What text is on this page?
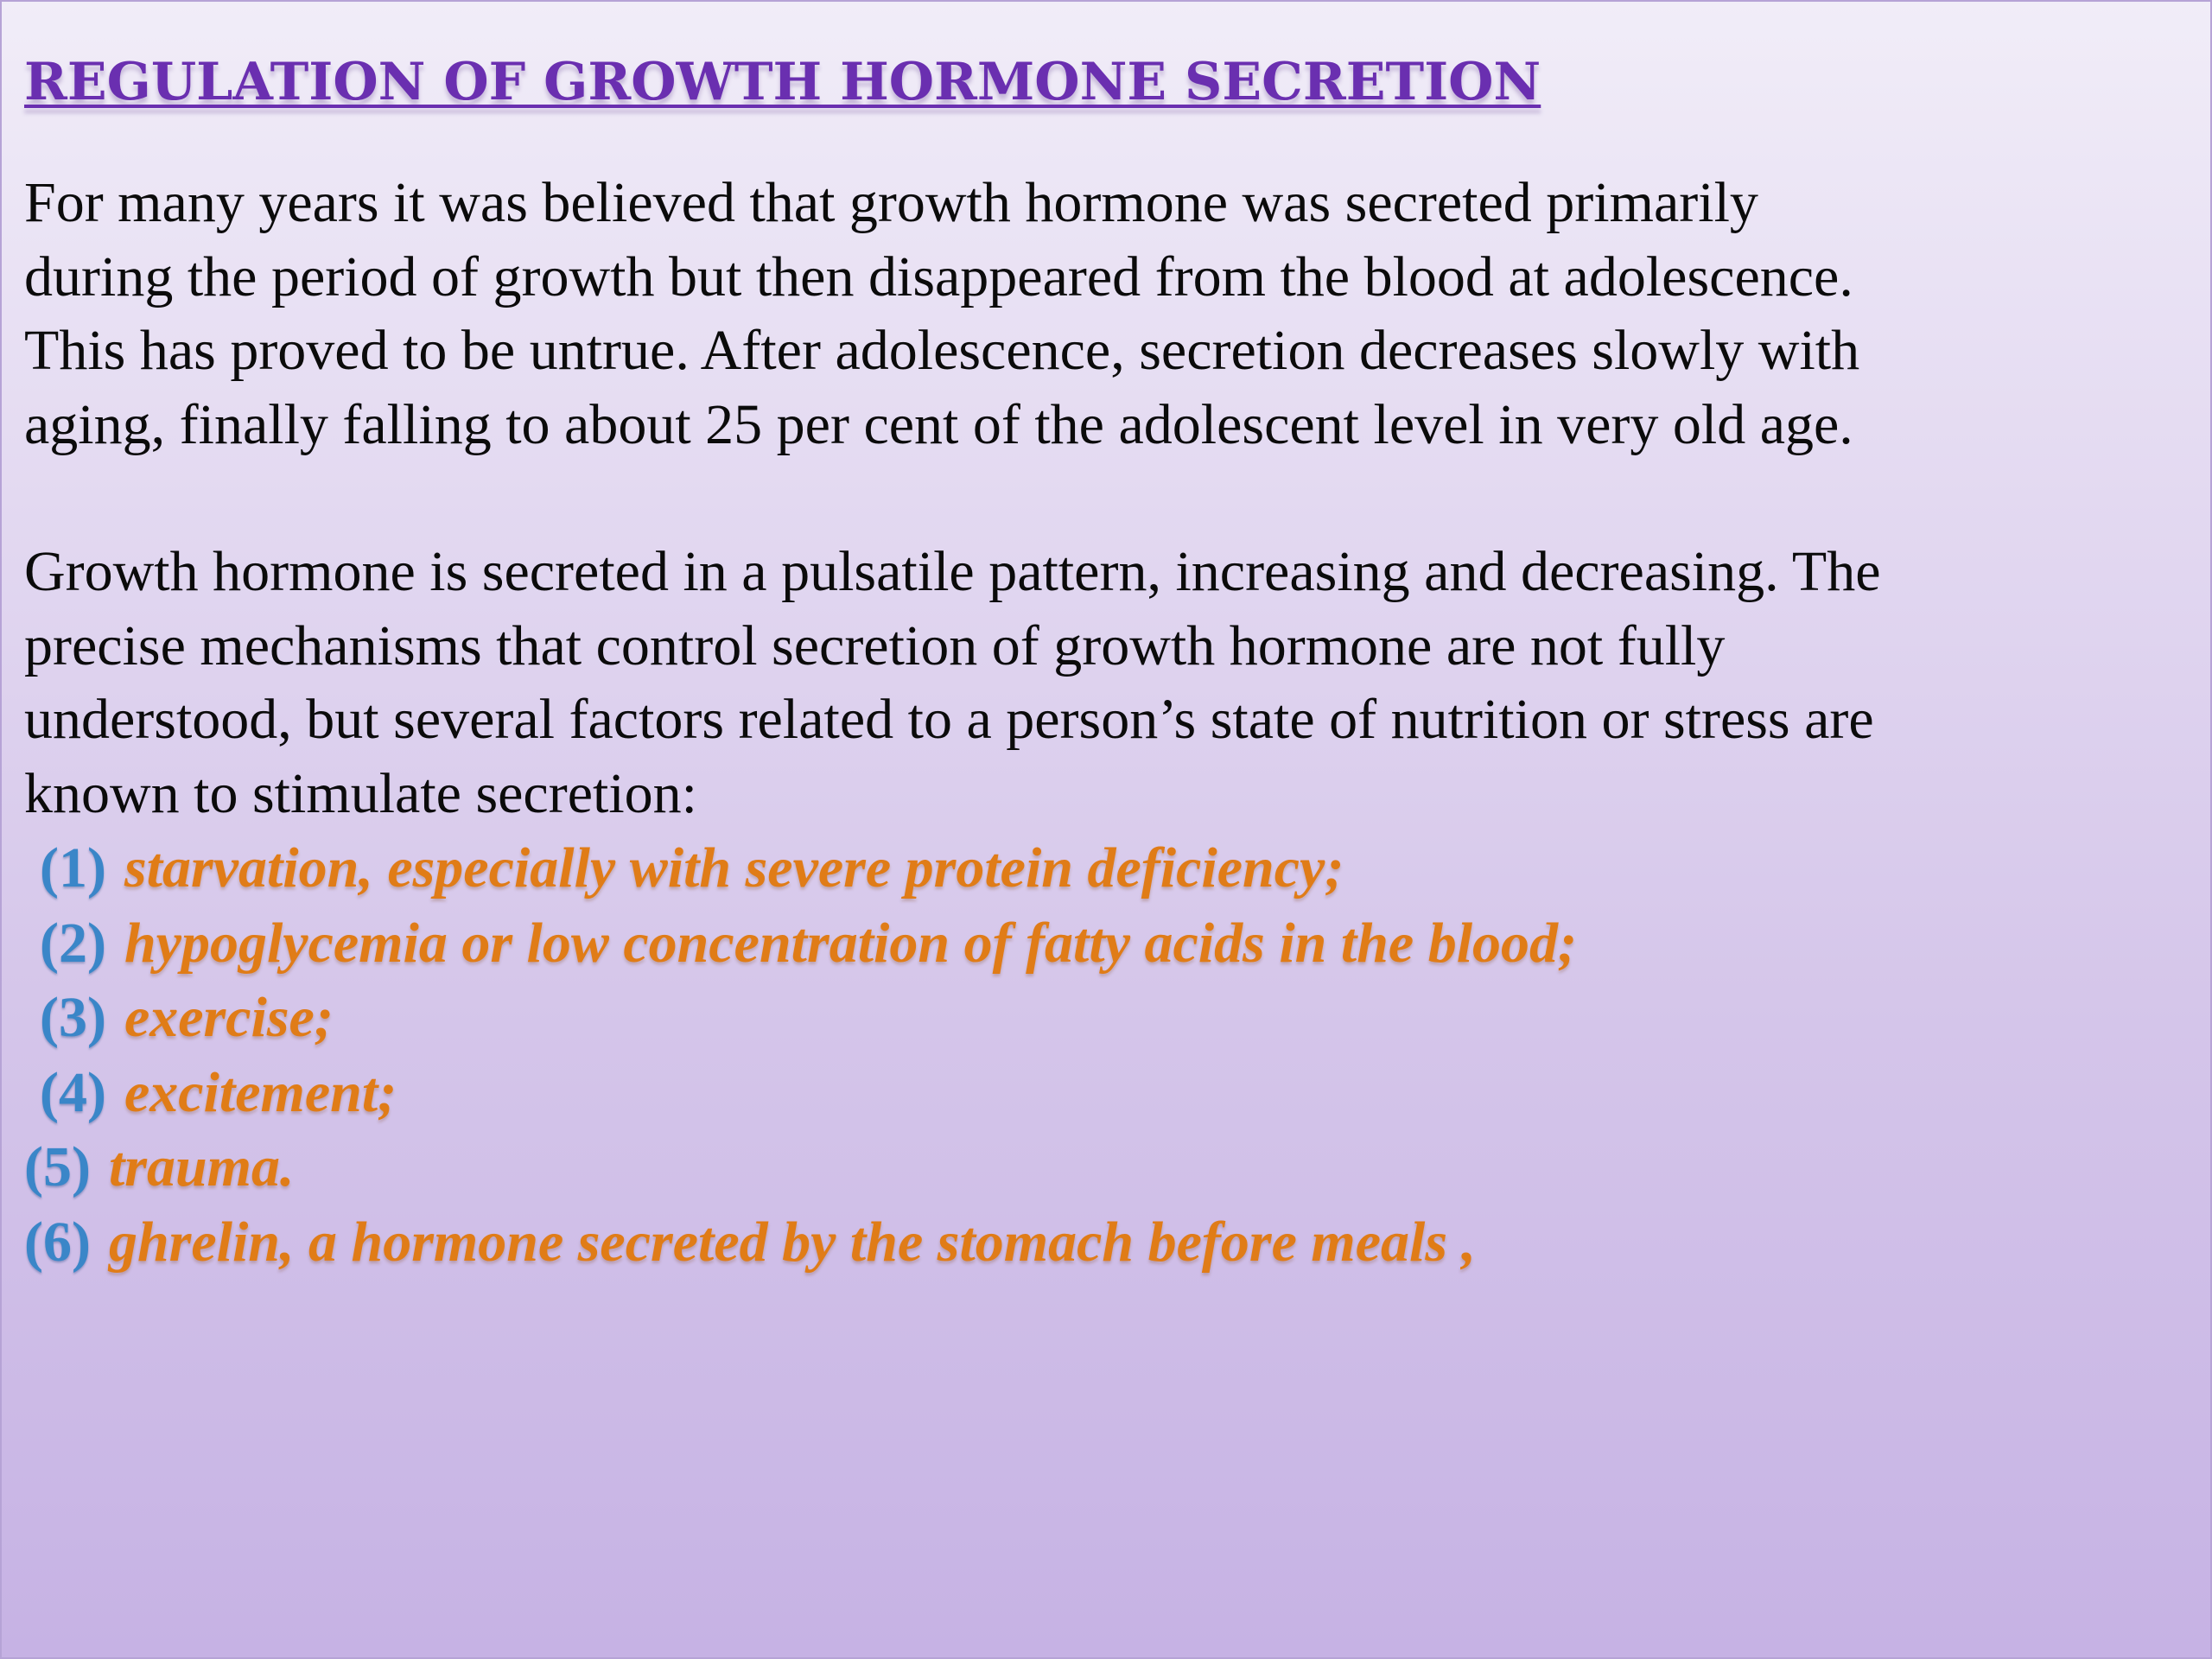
REGULATION OF GROWTH HORMONE SECRETION

For many years it was believed that growth hormone was secreted primarily
during the period of growth but then disappeared from the blood at adolescence.
This has proved to be untrue. After adolescence, secretion decreases slowly with
aging, finally falling to about 25 per cent of the adolescent level in very old age.

Growth hormone is secreted in a pulsatile pattern, increasing and decreasing. The
precise mechanisms that control secretion of growth hormone are not fully
understood, but several factors related to a person’s state of nutrition or stress are
known to stimulate secretion:

(1) starvation, especially with severe protein deficiency;
(2) hypoglycemia or low concentration of fatty acids in the blood;
(3) exercise;
(4) excitement;
(5) trauma.
(6) ghrelin, a hormone secreted by the stomach before meals ,
